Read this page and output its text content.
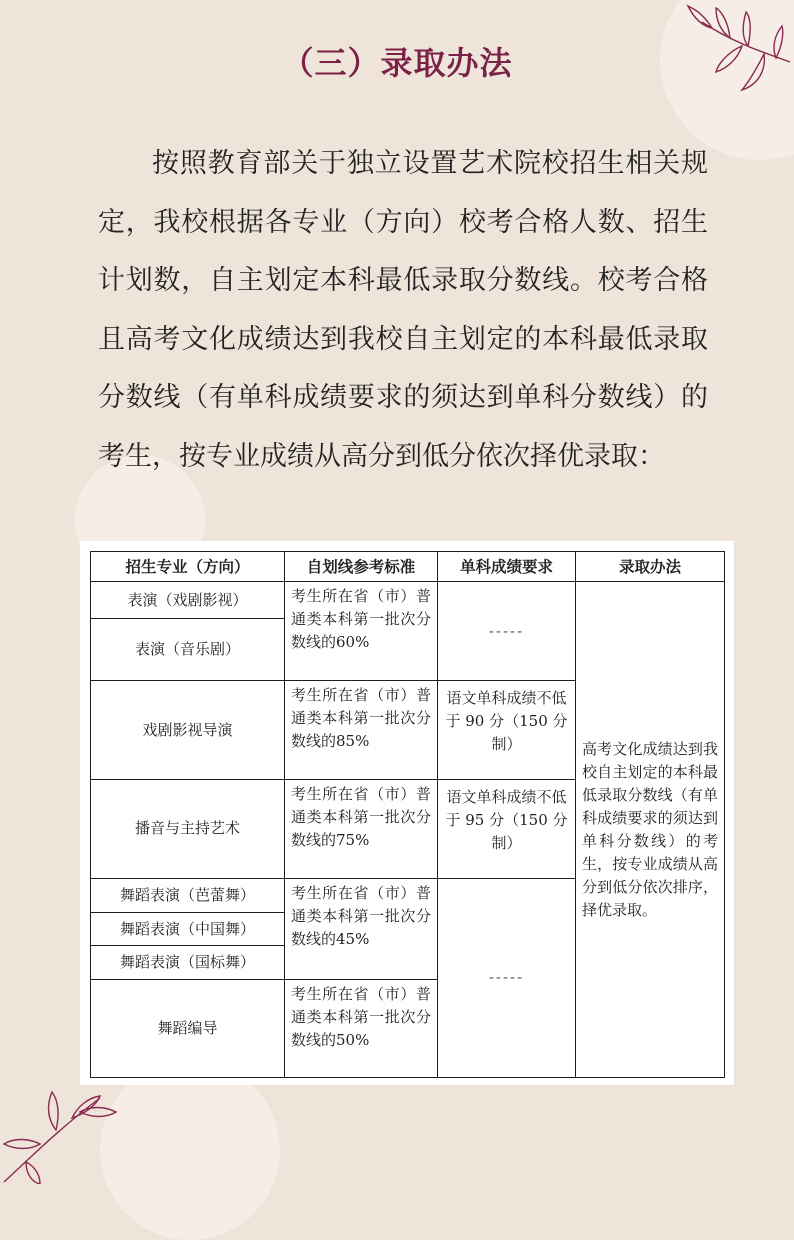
（三）录取办法

按照教育部关于独立设置艺术院校招生相关规定，我校根据各专业（方向）校考合格人数、招生计划数，自主划定本科最低录取分数线。校考合格且高考文化成绩达到我校自主划定的本科最低录取分数线（有单科成绩要求的须达到单科分数线）的考生，按专业成绩从高分到低分依次择优录取：

招生专业（方向）	自划线参考标准	单科成绩要求	录取办法
表演（戏剧影视）	考生所在省（市）普通类本科第一批次分数线的60%	-----	高考文化成绩达到我校自主划定的本科最低录取分数线（有单科成绩要求的须达到单科分数线）的考生，按专业成绩从高分到低分依次排序，择优录取。
表演（音乐剧）			
戏剧影视导演	考生所在省（市）普通类本科第一批次分数线的85%	语文单科成绩不低于 90 分（150 分制）	
播音与主持艺术	考生所在省（市）普通类本科第一批次分数线的75%	语文单科成绩不低于 95 分（150 分制）	
舞蹈表演（芭蕾舞）	考生所在省（市）普通类本科第一批次分数线的45%	-----	
舞蹈表演（中国舞）			
舞蹈表演（国标舞）			
舞蹈编导	考生所在省（市）普通类本科第一批次分数线的50%		
